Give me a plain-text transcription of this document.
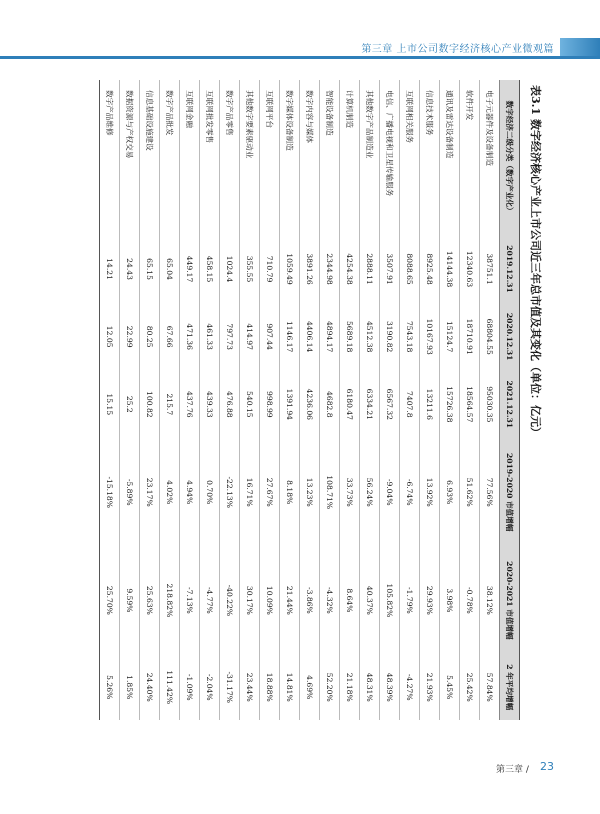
第三章 上市公司数字经济核心产业微观篇
表3.1 数字经济核心产业上市公司近三年总市值及其变化（单位：亿元）
数字经济二级分类（数字产业化）	2019.12.31	2020.12.31	2021.12.31	2019-2020 市值增幅	2020-2021 市值增幅	2 年平均增幅
电子元器件及设备制造	38751.1	68804.55	95030.35	77.56%	38.12%	57.84%
软件开发	12340.63	18710.91	18564.57	51.62%	-0.78%	25.42%
通讯及雷达设备制造	14144.38	15124.7	15726.38	6.93%	3.98%	5.45%
信息技术服务	8925.48	10167.93	13211.6	13.92%	29.93%	21.93%
互联网相关服务	8088.65	7543.18	7407.8	-6.74%	-1.79%	-4.27%
电信、广播电视和卫星传输服务	3507.91	3190.82	6567.32	-9.04%	105.82%	48.39%
其他数字产品制造业	2888.11	4512.38	6334.21	56.24%	40.37%	48.31%
计算机制造	4254.38	5689.18	6180.47	33.73%	8.64%	21.18%
智能设备制造	2344.98	4894.17	4682.8	108.71%	-4.32%	52.20%
数字内容与媒体	3891.26	4406.14	4236.06	13.23%	-3.86%	4.69%
数字媒体设备制造	1059.49	1146.17	1391.94	8.18%	21.44%	14.81%
互联网平台	710.79	907.44	998.99	27.67%	10.09%	18.88%
其他数字要素驱动业	355.55	414.97	540.15	16.71%	30.17%	23.44%
数字产品零售	1024.4	797.73	476.88	-22.13%	-40.22%	-31.17%
互联网批发零售	458.15	461.33	439.33	0.70%	-4.77%	-2.04%
互联网金融	449.17	471.36	437.76	4.94%	-7.13%	-1.09%
数字产品批发	65.04	67.66	215.7	4.02%	218.82%	111.42%
信息基础设施建设	65.15	80.25	100.82	23.17%	25.63%	24.40%
数据资源与产权交易	24.43	22.99	25.2	-5.89%	9.59%	1.85%
数字产品维修	14.21	12.05	15.15	-15.18%	25.70%	5.26%
第三章 / 23
